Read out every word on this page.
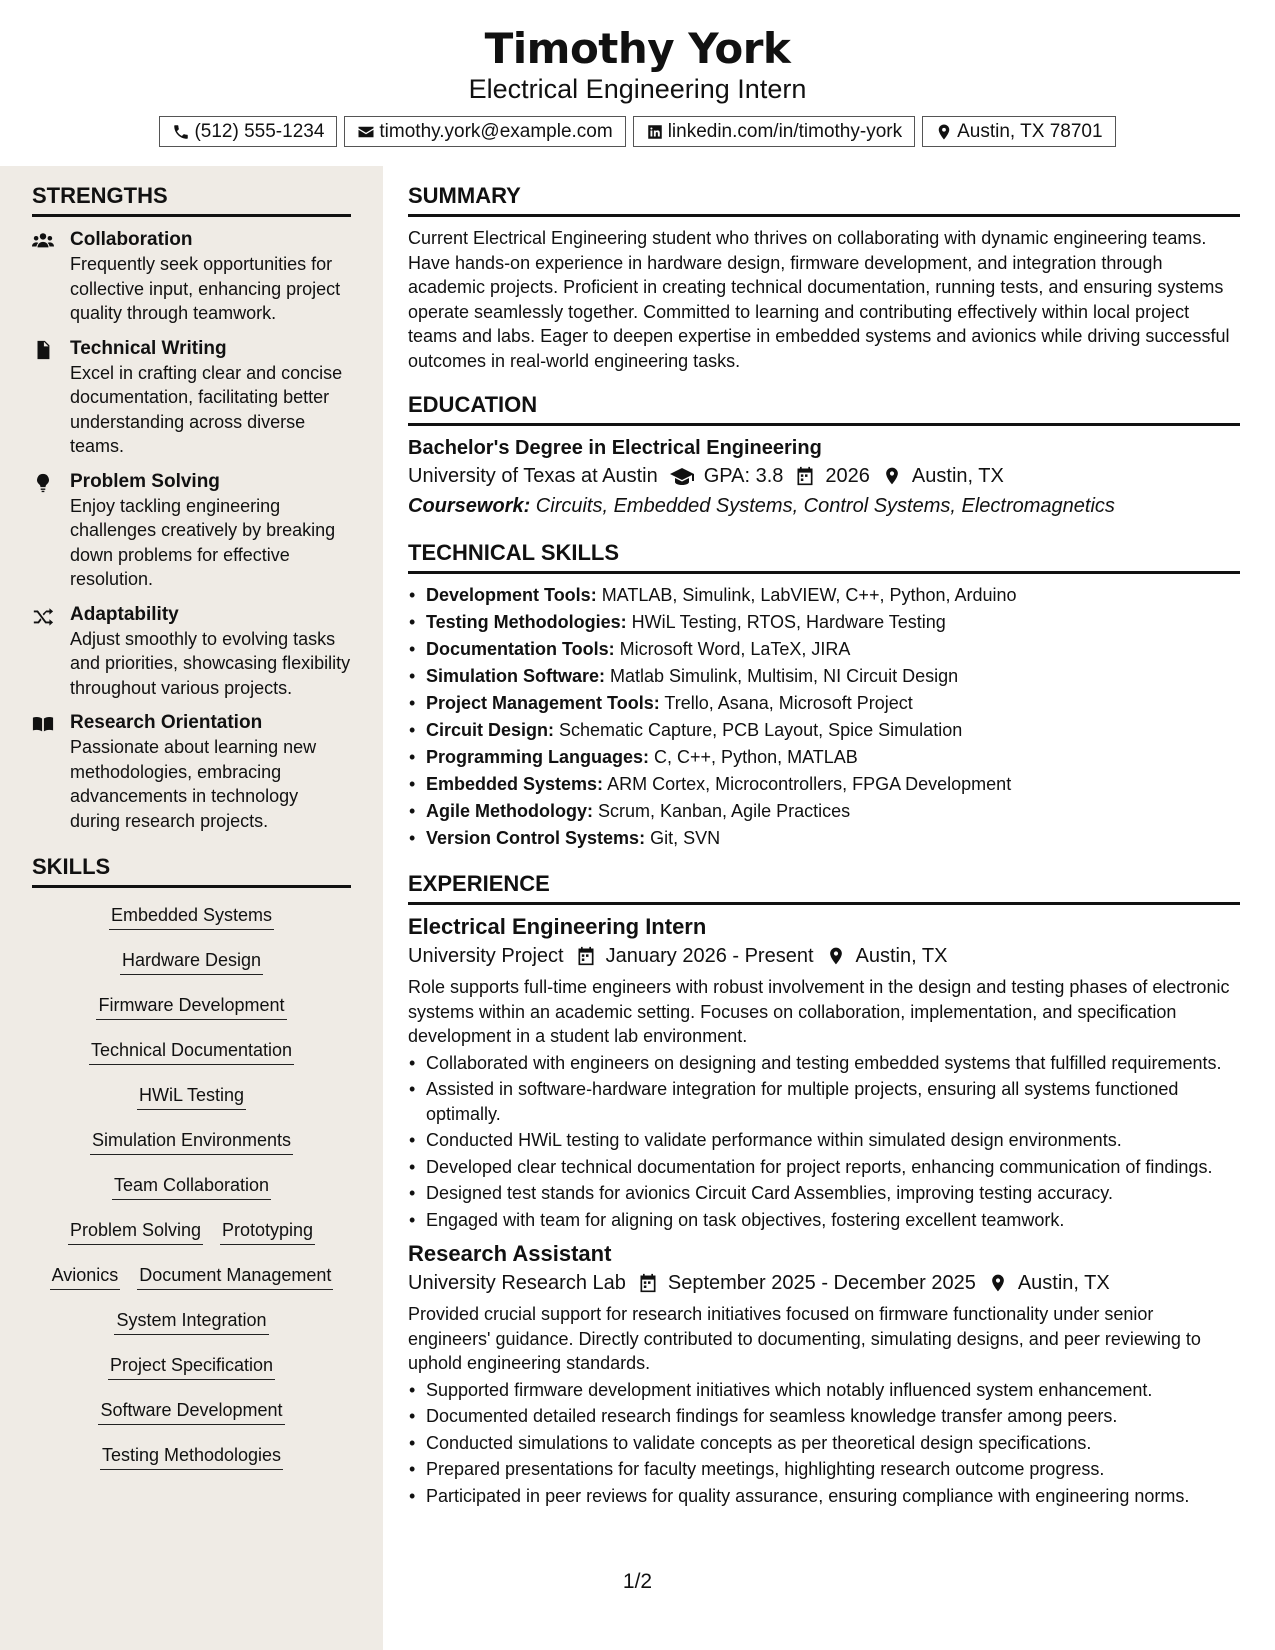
Timothy York
Electrical Engineering Intern
(512) 555-1234	timothy.york@example.com	linkedin.com/in/timothy-york	Austin, TX 78701
STRENGTHS
Collaboration
Frequently seek opportunities for collective input, enhancing project quality through teamwork.
Technical Writing
Excel in crafting clear and concise documentation, facilitating better understanding across diverse teams.
Problem Solving
Enjoy tackling engineering challenges creatively by breaking down problems for effective resolution.
Adaptability
Adjust smoothly to evolving tasks and priorities, showcasing flexibility throughout various projects.
Research Orientation
Passionate about learning new methodologies, embracing advancements in technology during research projects.
SKILLS
Embedded Systems
Hardware Design
Firmware Development
Technical Documentation
HWiL Testing
Simulation Environments
Team Collaboration
Problem Solving Prototyping
Avionics Document Management
System Integration
Project Specification
Software Development
Testing Methodologies
SUMMARY
Current Electrical Engineering student who thrives on collaborating with dynamic engineering teams. Have hands-on experience in hardware design, firmware development, and integration through academic projects. Proficient in creating technical documentation, running tests, and ensuring systems operate seamlessly together. Committed to learning and contributing effectively within local project teams and labs. Eager to deepen expertise in embedded systems and avionics while driving successful outcomes in real-world engineering tasks.
EDUCATION
Bachelor's Degree in Electrical Engineering
University of Texas at Austin GPA: 3.8 2026 Austin, TX
Coursework: Circuits, Embedded Systems, Control Systems, Electromagnetics
TECHNICAL SKILLS
• Development Tools: MATLAB, Simulink, LabVIEW, C++, Python, Arduino
• Testing Methodologies: HWiL Testing, RTOS, Hardware Testing
• Documentation Tools: Microsoft Word, LaTeX, JIRA
• Simulation Software: Matlab Simulink, Multisim, NI Circuit Design
• Project Management Tools: Trello, Asana, Microsoft Project
• Circuit Design: Schematic Capture, PCB Layout, Spice Simulation
• Programming Languages: C, C++, Python, MATLAB
• Embedded Systems: ARM Cortex, Microcontrollers, FPGA Development
• Agile Methodology: Scrum, Kanban, Agile Practices
• Version Control Systems: Git, SVN
EXPERIENCE
Electrical Engineering Intern
University Project January 2026 - Present Austin, TX
Role supports full-time engineers with robust involvement in the design and testing phases of electronic systems within an academic setting. Focuses on collaboration, implementation, and specification development in a student lab environment.
• Collaborated with engineers on designing and testing embedded systems that fulfilled requirements.
• Assisted in software-hardware integration for multiple projects, ensuring all systems functioned optimally.
• Conducted HWiL testing to validate performance within simulated design environments.
• Developed clear technical documentation for project reports, enhancing communication of findings.
• Designed test stands for avionics Circuit Card Assemblies, improving testing accuracy.
• Engaged with team for aligning on task objectives, fostering excellent teamwork.
Research Assistant
University Research Lab September 2025 - December 2025 Austin, TX
Provided crucial support for research initiatives focused on firmware functionality under senior engineers' guidance. Directly contributed to documenting, simulating designs, and peer reviewing to uphold engineering standards.
• Supported firmware development initiatives which notably influenced system enhancement.
• Documented detailed research findings for seamless knowledge transfer among peers.
• Conducted simulations to validate concepts as per theoretical design specifications.
• Prepared presentations for faculty meetings, highlighting research outcome progress.
• Participated in peer reviews for quality assurance, ensuring compliance with engineering norms.
1/2
